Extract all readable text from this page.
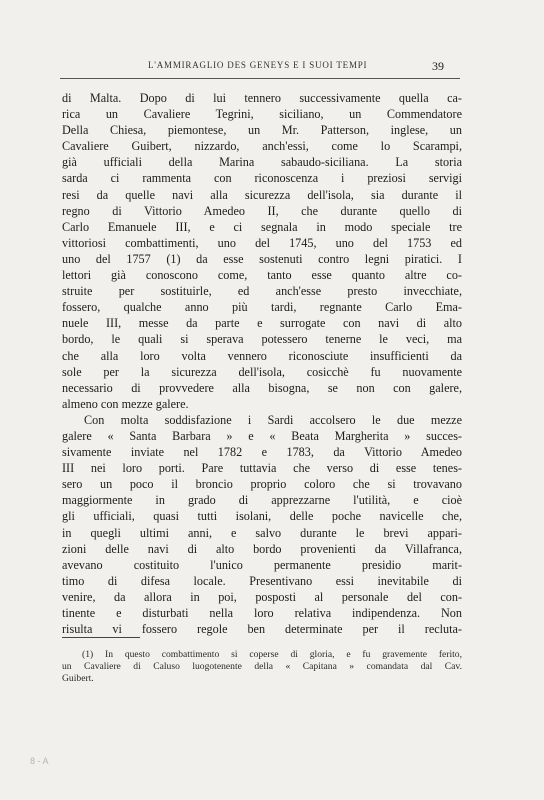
L'AMMIRAGLIO DES GENEYS E I SUOI TEMPI	39
di Malta. Dopo di lui tennero successivamente quella ca-
rica un Cavaliere Tegrini, siciliano, un Commendatore
Della Chiesa, piemontese, un Mr. Patterson, inglese, un
Cavaliere Guibert, nizzardo, anch'essi, come lo Scarampi,
già ufficiali della Marina sabaudo-siciliana. La storia
sarda ci rammenta con riconoscenza i preziosi servigi
resi da quelle navi alla sicurezza dell'isola, sia durante il
regno di Vittorio Amedeo II, che durante quello di
Carlo Emanuele III, e ci segnala in modo speciale tre
vittoriosi combattimenti, uno del 1745, uno del 1753 ed
uno del 1757 (1) da esse sostenuti contro legni piratici. I
lettori già conoscono come, tanto esse quanto altre co-
struite per sostituirle, ed anch'esse presto invecchiate,
fossero, qualche anno più tardi, regnante Carlo Ema-
nuele III, messe da parte e surrogate con navi di alto
bordo, le quali si sperava potessero tenerne le veci, ma
che alla loro volta vennero riconosciute insufficienti da
sole per la sicurezza dell'isola, cosicchè fu nuovamente
necessario di provvedere alla bisogna, se non con galere,
almeno con mezze galere.
Con molta soddisfazione i Sardi accolsero le due mezze
galere « Santa Barbara » e « Beata Margherita » succes-
sivamente inviate nel 1782 e 1783, da Vittorio Amedeo
III nei loro porti. Pare tuttavia che verso di esse tenes-
sero un poco il broncio proprio coloro che si trovavano
maggiormente in grado di apprezzarne l'utilità, e cioè
gli ufficiali, quasi tutti isolani, delle poche navicelle che,
in quegli ultimi anni, e salvo durante le brevi appari-
zioni delle navi di alto bordo provenienti da Villafranca,
avevano costituito l'unico permanente presidio marit-
timo di difesa locale. Presentivano essi inevitabile di
venire, da allora in poi, posposti al personale del con-
tinente e disturbati nella loro relativa indipendenza. Non
risulta vi fossero regole ben determinate per il recluta-
(1) In questo combattimento si coperse di gloria, e fu gravemente ferito,
un Cavaliere di Caluso luogotenente della « Capitana » comandata dal Cav.
Guibert.
8 - A
